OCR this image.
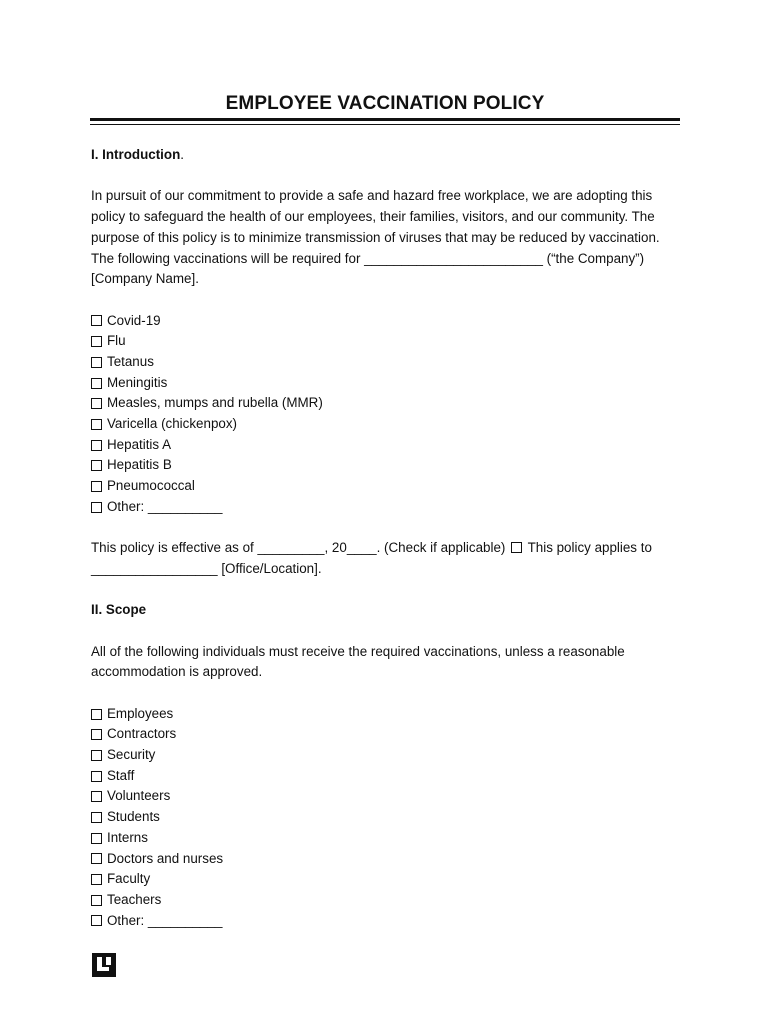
EMPLOYEE VACCINATION POLICY
I. Introduction.

In pursuit of our commitment to provide a safe and hazard free workplace, we are adopting this

policy to safeguard the health of our employees, their families, visitors, and our community. The

purpose of this policy is to minimize transmission of viruses that may be reduced by vaccination.

The following vaccinations will be required for ________________________ (“the Company”)

[Company Name].

Covid-19
Flu
Tetanus
Meningitis
Measles, mumps and rubella (MMR)
Varicella (chickenpox)
Hepatitis A
Hepatitis B
Pneumococcal
Other: __________

This policy is effective as of _________, 20____. (Check if applicable) This policy applies to

_________________ [Office/Location].

II. Scope

All of the following individuals must receive the required vaccinations, unless a reasonable

accommodation is approved.

Employees
Contractors
Security
Staff
Volunteers
Students
Interns
Doctors and nurses
Faculty
Teachers
Other: __________
